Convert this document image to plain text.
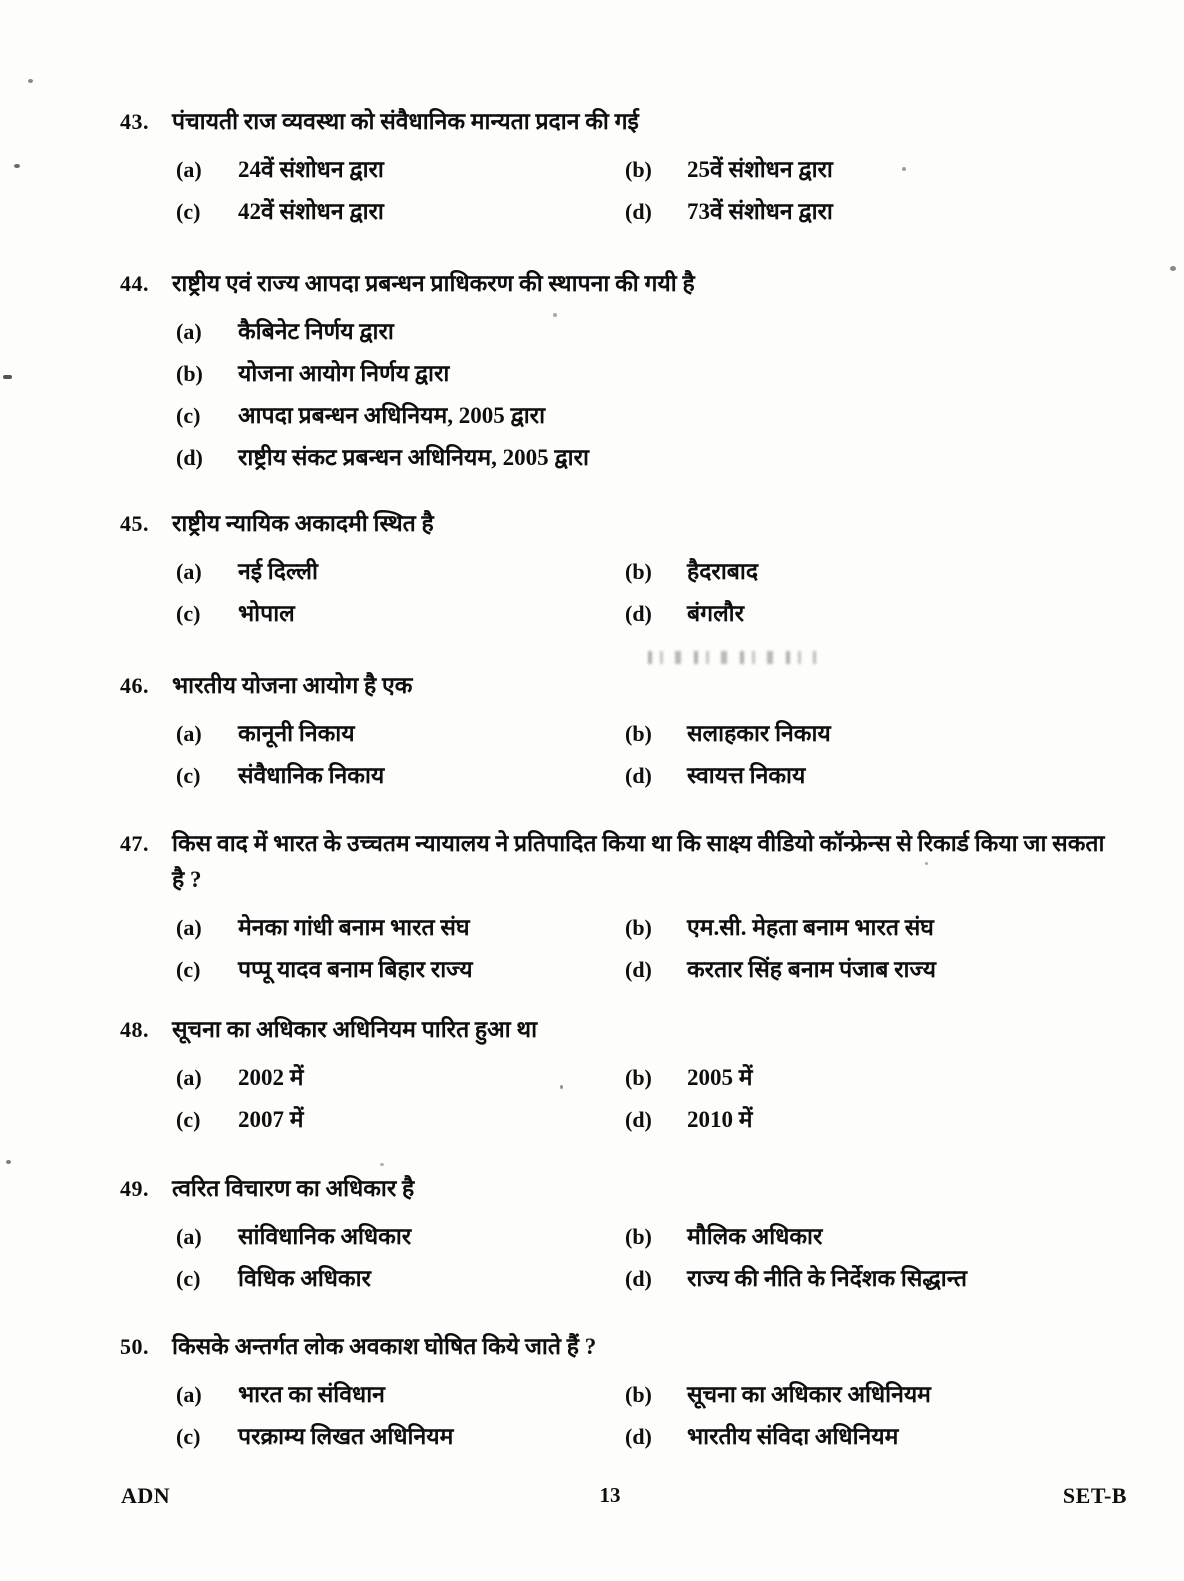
43.	पंचायती राज व्यवस्था को संवैधानिक मान्यता प्रदान की गई
(a)	24वें संशोधन द्वारा	(b)	25वें संशोधन द्वारा
(c)	42वें संशोधन द्वारा	(d)	73वें संशोधन द्वारा
44.	राष्ट्रीय एवं राज्य आपदा प्रबन्धन प्राधिकरण की स्थापना की गयी है
(a)	कैबिनेट निर्णय द्वारा
(b)	योजना आयोग निर्णय द्वारा
(c)	आपदा प्रबन्धन अधिनियम, 2005 द्वारा
(d)	राष्ट्रीय संकट प्रबन्धन अधिनियम, 2005 द्वारा
45.	राष्ट्रीय न्यायिक अकादमी स्थित है
(a)	नई दिल्ली	(b)	हैदराबाद
(c)	भोपाल	(d)	बंगलौर
46.	भारतीय योजना आयोग है एक
(a)	कानूनी निकाय	(b)	सलाहकार निकाय
(c)	संवैधानिक निकाय	(d)	स्वायत्त निकाय
47.	किस वाद में भारत के उच्चतम न्यायालय ने प्रतिपादित किया था कि साक्ष्य वीडियो कॉन्फ्रेन्स से रिकार्ड किया जा सकता है ?
(a)	मेनका गांधी बनाम भारत संघ	(b)	एम.सी. मेहता बनाम भारत संघ
(c)	पप्पू यादव बनाम बिहार राज्य	(d)	करतार सिंह बनाम पंजाब राज्य
48.	सूचना का अधिकार अधिनियम पारित हुआ था
(a)	2002 में	(b)	2005 में
(c)	2007 में	(d)	2010 में
49.	त्वरित विचारण का अधिकार है
(a)	सांविधानिक अधिकार	(b)	मौलिक अधिकार
(c)	विधिक अधिकार	(d)	राज्य की नीति के निर्देशक सिद्धान्त
50.	किसके अन्तर्गत लोक अवकाश घोषित किये जाते हैं ?
(a)	भारत का संविधान	(b)	सूचना का अधिकार अधिनियम
(c)	परक्राम्य लिखत अधिनियम	(d)	भारतीय संविदा अधिनियम
ADN	13	SET-B
